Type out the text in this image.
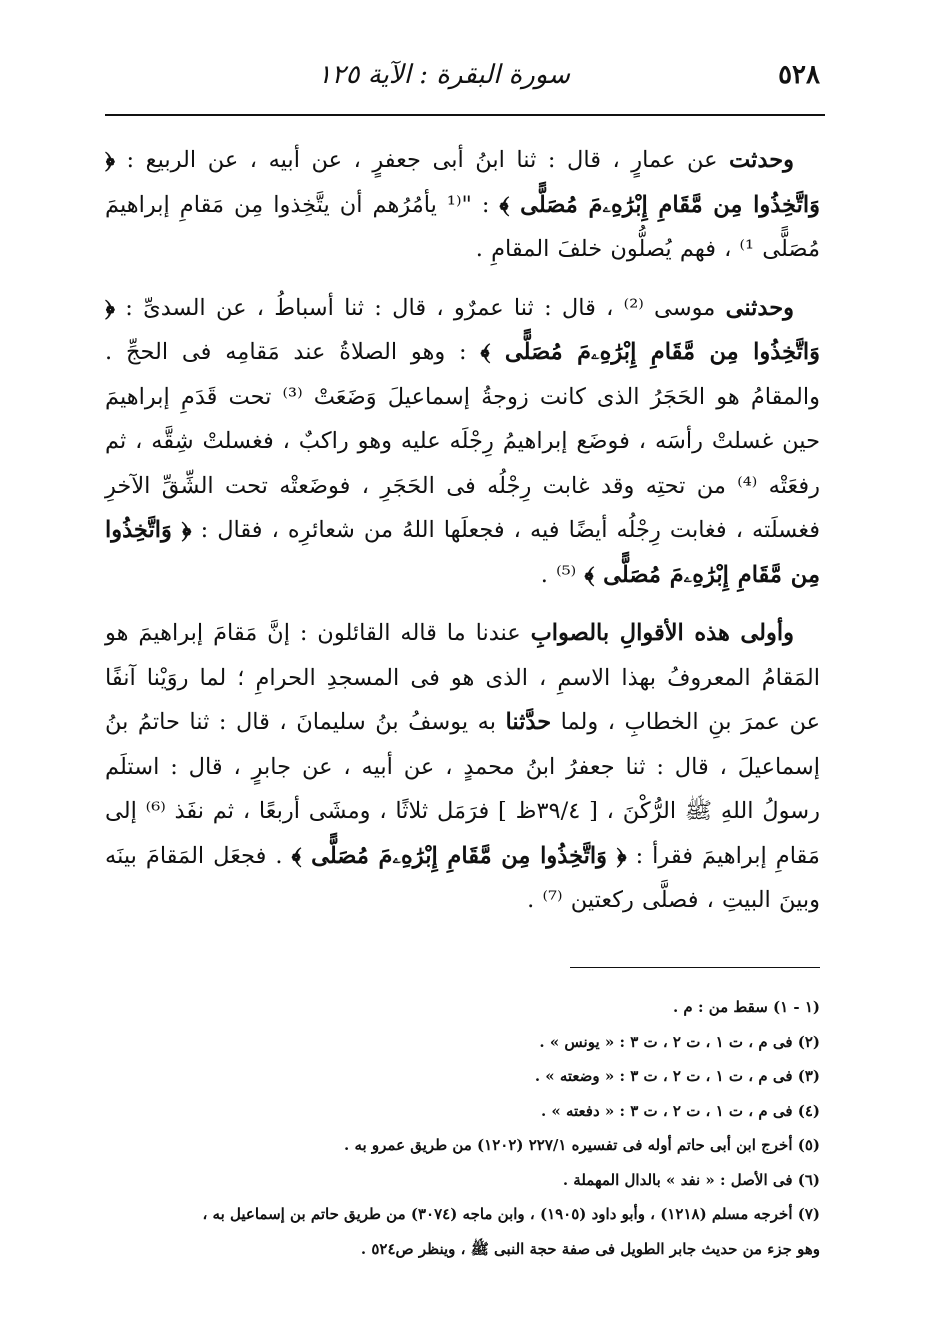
٥٢٨
سورة البقرة : الآية ١٢٥

وحدثت عن عمارٍ ، قال : ثنا ابنُ أبى جعفرٍ ، عن أبيه ، عن الربيع : ﴿ وَاتَّخِذُوا مِن مَّقَامِ إِبْرَٰهِۦمَ مُصَلًّى ﴾ : "⁽¹ يأمُرُهم أن يتَّخِذوا مِن مَقامِ إبراهيمَ مُصَلًّى ¹⁾ ، فهم يُصلُّون خلفَ المقامِ .

وحدثنى موسى ⁽²⁾ ، قال : ثنا عمرٌو ، قال : ثنا أسباطُ ، عن السدىِّ : ﴿ وَاتَّخِذُوا مِن مَّقَامِ إِبْرَٰهِۦمَ مُصَلًّى ﴾ : وهو الصلاةُ عند مَقامِه فى الحجِّ . والمقامُ هو الحَجَرُ الذى كانت زوجةُ إسماعيلَ وَضَعَتْ ⁽³⁾ تحت قَدَمِ إبراهيمَ حين غسلتْ رأسَه ، فوضَع إبراهيمُ رِجْلَه عليه وهو راكبٌ ، فغسلتْ شِقَّه ، ثم رفعَتْه ⁽⁴⁾ من تحتِه وقد غابت رِجْلُه فى الحَجَرِ ، فوضَعتْه تحت الشِّقِّ الآخرِ فغسلَته ، فغابت رِجْلُه أيضًا فيه ، فجعلَها اللهُ من شعائرِه ، فقال : ﴿ وَاتَّخِذُوا مِن مَّقَامِ إِبْرَٰهِۦمَ مُصَلًّى ﴾ ⁽⁵⁾ .

وأولى هذه الأقوالِ بالصوابِ عندنا ما قاله القائلون : إنَّ مَقامَ إبراهيمَ هو المَقامُ المعروفُ بهذا الاسمِ ، الذى هو فى المسجدِ الحرامِ ؛ لما روَيْنا آنفًا عن عمرَ بنِ الخطابِ ، ولما حدَّثنا به يوسفُ بنُ سليمانَ ، قال : ثنا حاتمُ بنُ إسماعيلَ ، قال : ثنا جعفرُ ابنُ محمدٍ ، عن أبيه ، عن جابرٍ ، قال : استلَم رسولُ اللهِ ﷺ الرُّكْنَ ، [ ٣٩/٤ظ ] فرَمَل ثلاثًا ، ومشَى أربعًا ، ثم نفَذ ⁽⁶⁾ إلى مَقامِ إبراهيمَ فقرأ : ﴿ وَاتَّخِذُوا مِن مَّقَامِ إِبْرَٰهِۦمَ مُصَلًّى ﴾ . فجعَل المَقامَ بينَه وبينَ البيتِ ، فصلَّى ركعتين ⁽⁷⁾ .

(١ - ١) سقط من : م .

(٢) فى م ، ت ١ ، ت ٢ ، ت ٣ : « يونس » .

(٣) فى م ، ت ١ ، ت ٢ ، ت ٣ : « وضعته » .

(٤) فى م ، ت ١ ، ت ٢ ، ت ٣ : « دفعته » .

(٥) أخرج ابن أبى حاتم أوله فى تفسيره ٢٢٧/١ (١٢٠٢) من طريق عمرو به .

(٦) فى الأصل : « نفد » بالدال المهملة .

(٧) أخرجه مسلم (١٢١٨) ، وأبو داود (١٩٠٥) ، وابن ماجه (٣٠٧٤) من طريق حاتم بن إسماعيل به ،

وهو جزء من حديث جابر الطويل فى صفة حجة النبى ﷺ ، وينظر ص٥٢٤ .
